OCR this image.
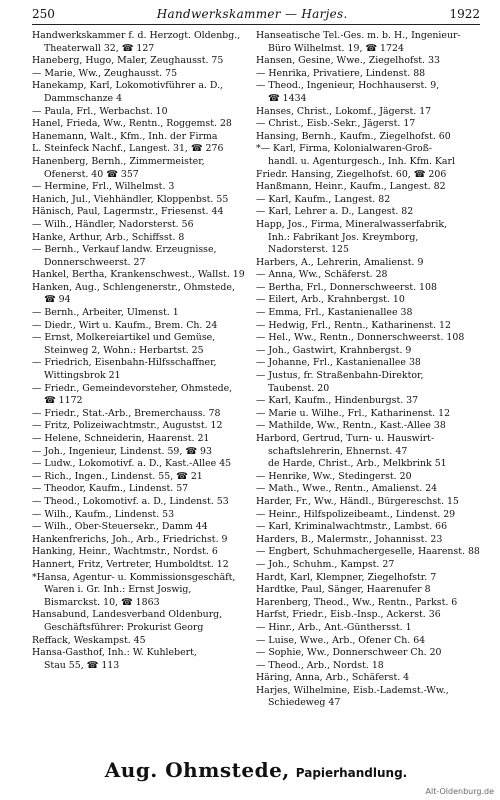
250	Handwerkskammer — Harjes.	1922
Handwerkskammer f. d. Herzogt. Oldenbg.,
Theaterwall 32, ☎ 127
Haneberg, Hugo, Maler, Zeughausst. 75
— Marie, Ww., Zeughausst. 75
Hanekamp, Karl, Lokomotivführer a. D.,
Dammschanze 4
— Paula, Frl., Werbachst. 10
Hanel, Frieda, Ww., Rentn., Roggemst. 28
Hanemann, Walt., Kfm., Inh. der Firma
L. Steinfeck Nachf., Langest. 31, ☎ 276
Hanenberg, Bernh., Zimmermeister,
Ofenerst. 40 ☎ 357
— Hermine, Frl., Wilhelmst. 3
Hanich, Jul., Viehhändler, Kloppenbst. 55
Hänisch, Paul, Lagermstr., Friesenst. 44
— Wilh., Händler, Nadorsterst. 56
Hanke, Arthur, Arb., Schiffsst. 8
— Bernh., Verkauf landw. Erzeugnisse,
Donnerschweerst. 27
Hankel, Bertha, Krankenschwest., Wallst. 19
Hanken, Aug., Schlengenerstr., Ohmstede,
☎ 94
— Bernh., Arbeiter, Ulmenst. 1
— Diedr., Wirt u. Kaufm., Brem. Ch. 24
— Ernst, Molkereiartikel und Gemüse,
Steinweg 2, Wohn.: Herbartst. 25
— Friedrich, Eisenbahn-Hilfsschaffner,
Wittingsbrok 21
— Friedr., Gemeindevorsteher, Ohmstede,
☎ 1172
— Friedr., Stat.-Arb., Bremerchauss. 78
— Fritz, Polizeiwachtmstr., Augustst. 12
— Helene, Schneiderin, Haarenst. 21
— Joh., Ingenieur, Lindenst. 59, ☎ 93
— Ludw., Lokomotivf. a. D., Kast.-Allee 45
— Rich., Ingen., Lindenst. 55, ☎ 21
— Theodor, Kaufm., Lindenst. 57
— Theod., Lokomotivf. a. D., Lindenst. 53
— Wilh., Kaufm., Lindenst. 53
— Wilh., Ober-Steuersekr., Damm 44
Hankenfrerichs, Joh., Arb., Friedrichst. 9
Hanking, Heinr., Wachtmstr., Nordst. 6
Hannert, Fritz, Vertreter, Humboldtst. 12
*Hansa, Agentur- u. Kommissionsgeschäft,
Waren i. Gr. Inh.: Ernst Joswig,
Bismarckst. 10, ☎ 1863
Hansabund, Landesverband Oldenburg,
Geschäftsführer: Prokurist Georg
Reffack, Weskampst. 45
Hansa-Gasthof, Inh.: W. Kuhlebert,
Stau 55, ☎ 113
Hanseatische Tel.-Ges. m. b. H., Ingenieur-
Büro Wilhelmst. 19, ☎ 1724
Hansen, Gesine, Wwe., Ziegelhofst. 33
— Henrika, Privatiere, Lindenst. 88
— Theod., Ingenieur, Hochhauserst. 9,
☎ 1434
Hanses, Christ., Lokomf., Jägerst. 17
— Christ., Eisb.-Sekr., Jägerst. 17
Hansing, Bernh., Kaufm., Ziegelhofst. 60
*— Karl, Firma, Kolonialwaren-Groß-
handl. u. Agenturgesch., Inh. Kfm. Karl
Friedr. Hansing, Ziegelhofst. 60, ☎ 206
Hanßmann, Heinr., Kaufm., Langest. 82
— Karl, Kaufm., Langest. 82
— Karl, Lehrer a. D., Langest. 82
Happ, Jos., Firma, Mineralwasserfabrik,
Inh.: Fabrikant Jos. Kreymborg,
Nadorsterst. 125
Harbers, A., Lehrerin, Amalienst. 9
— Anna, Ww., Schäferst. 28
— Bertha, Frl., Donnerschweerst. 108
— Eilert, Arb., Krahnbergst. 10
— Emma, Frl., Kastanienallee 38
— Hedwig, Frl., Rentn., Katharinenst. 12
— Hel., Ww., Rentn., Donnerschweerst. 108
— Joh., Gastwirt, Krahnbergst. 9
— Johanne, Frl., Kastanienallee 38
— Justus, fr. Straßenbahn-Direktor,
Taubenst. 20
— Karl, Kaufm., Hindenburgst. 37
— Marie u. Wilhe., Frl., Katharinenst. 12
— Mathilde, Ww., Rentn., Kast.-Allee 38
Harbord, Gertrud, Turn- u. Hauswirt-
schaftslehrerin, Ehnernst. 47
de Harde, Christ., Arb., Melkbrink 51
— Henrike, Ww., Stedingerst. 20
— Math., Wwe., Rentn., Amalienst. 24
Harder, Fr., Ww., Händl., Bürgereschst. 15
— Heinr., Hilfspolizeibeamt., Lindenst. 29
— Karl, Kriminalwachtmstr., Lambst. 66
Harders, B., Malermstr., Johannisst. 23
— Engbert, Schuhmachergeselle, Haarenst. 88
— Joh., Schuhm., Kampst. 27
Hardt, Karl, Klempner, Ziegelhofstr. 7
Hardtke, Paul, Sänger, Haarenufer 8
Harenberg, Theod., Ww., Rentn., Parkst. 6
Harfst, Friedr., Eisb.-Insp., Ackerst. 36
— Hinr., Arb., Ant.-Günthersst. 1
— Luise, Wwe., Arb., Ofener Ch. 64
— Sophie, Ww., Donnerschweer Ch. 20
— Theod., Arb., Nordst. 18
Häring, Anna, Arb., Schäferst. 4
Harjes, Wilhelmine, Eisb.-Lademst.-Ww.,
Schiedeweg 47
Aug. Ohmstede, Papierhandlung.
Alt-Oldenburg.de
